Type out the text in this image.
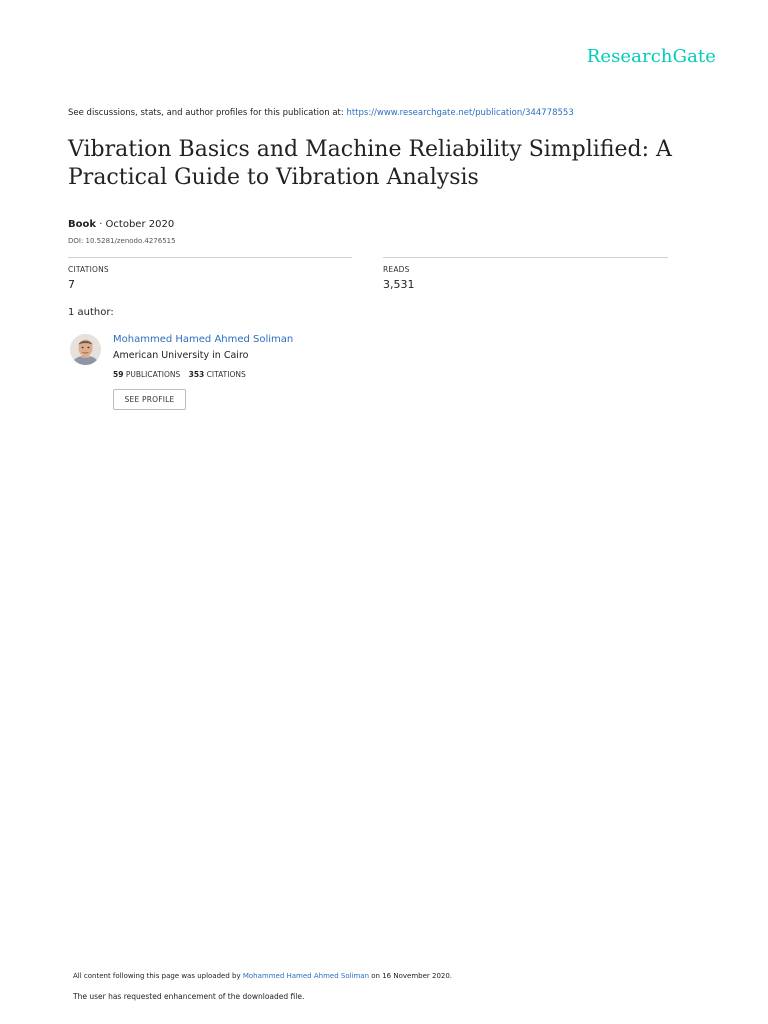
ResearchGate
See discussions, stats, and author profiles for this publication at: https://www.researchgate.net/publication/344778553
Vibration Basics and Machine Reliability Simplified: A Practical Guide to Vibration Analysis
Book · October 2020
DOI: 10.5281/zenodo.4276515
CITATIONS
7
READS
3,531
1 author:
Mohammed Hamed Ahmed Soliman
American University in Cairo
59 PUBLICATIONS 353 CITATIONS
SEE PROFILE
All content following this page was uploaded by Mohammed Hamed Ahmed Soliman on 16 November 2020.
The user has requested enhancement of the downloaded file.
